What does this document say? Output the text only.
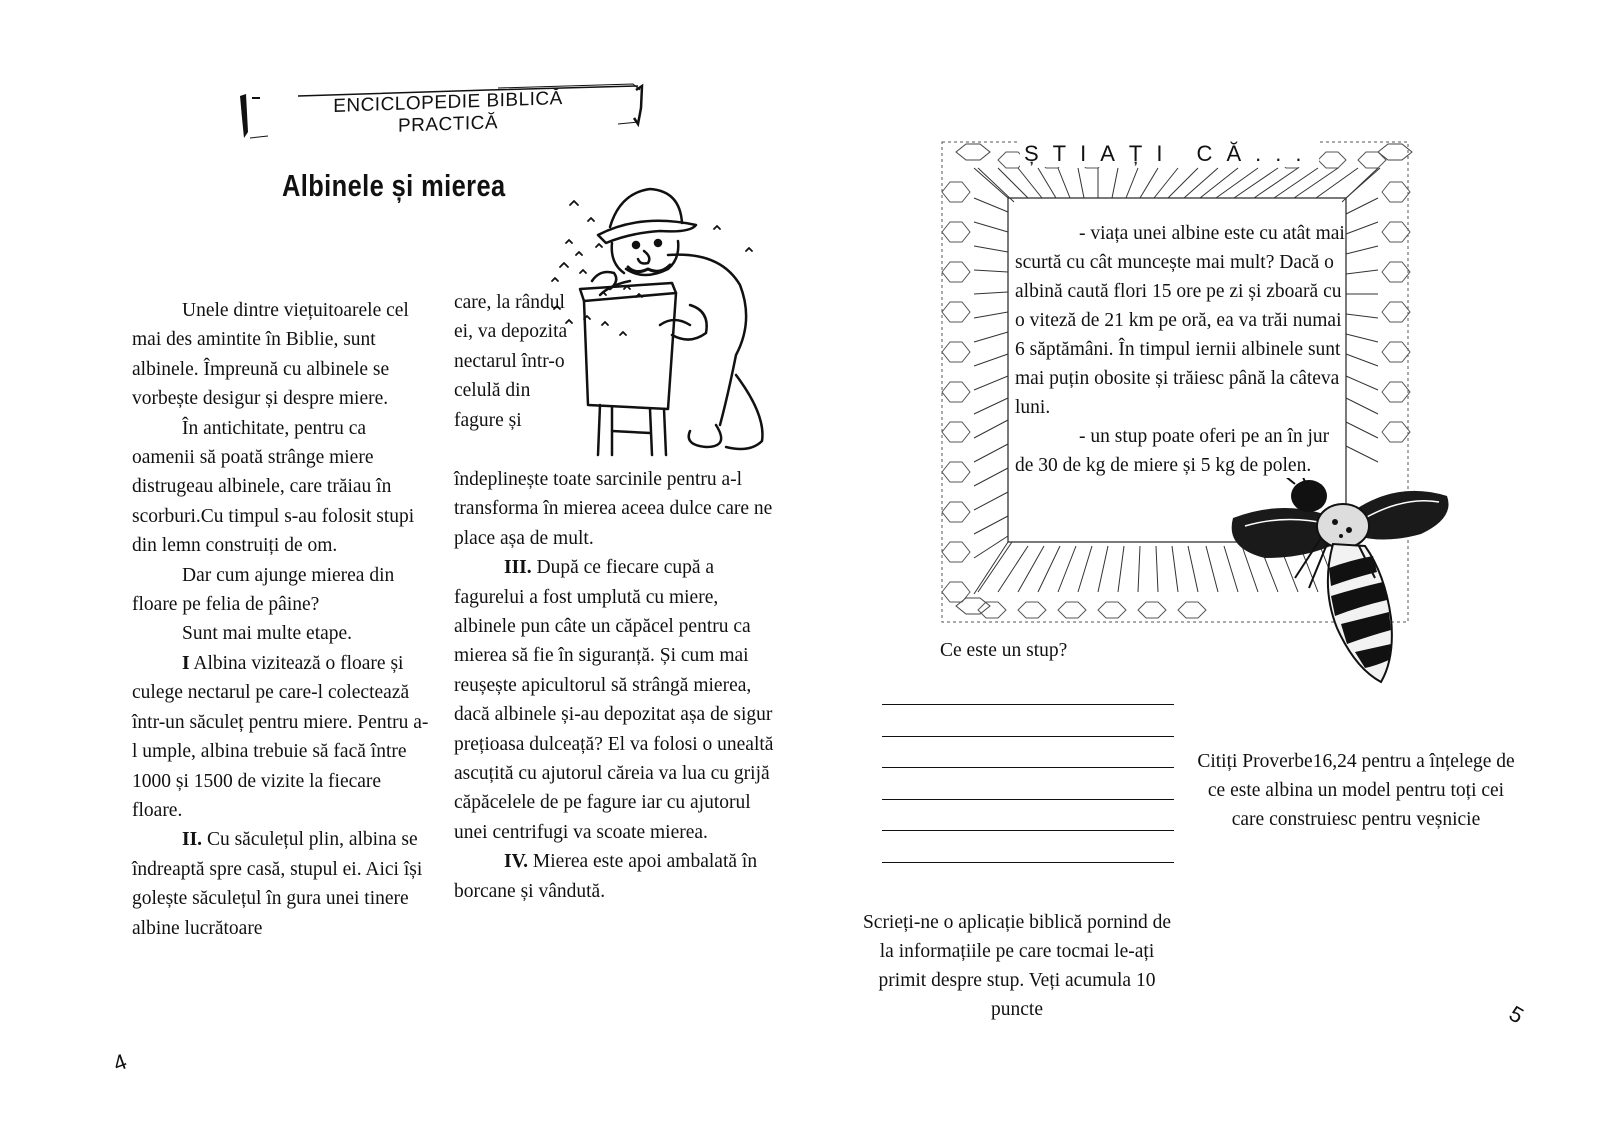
ENCICLOPEDIE BIBLICĂ
PRACTICĂ
Albinele și mierea

Unele dintre viețuitoarele cel mai des amintite în Biblie, sunt albinele. Împreună cu albinele se vorbește desigur și despre miere.

În antichitate, pentru ca oamenii să poată strânge miere distrugeau albinele, care trăiau în scorburi.Cu timpul s-au folosit stupi din lemn construiți de om.

Dar cum ajunge mierea din floare pe felia de pâine?

Sunt mai multe etape.

I Albina vizitează o floare și culege nectarul pe care-l colectează într-un săculeț pentru miere. Pentru a-l umple, albina trebuie să facă între 1000 și 1500 de vizite la fiecare floare.

II. Cu săculețul plin, albina se îndreaptă spre casă, stupul ei. Aici își golește săculețul în gura unei tinere albine lucrătoare

care, la rândul ei, va depozita nectarul într-o celulă din fagure și

îndeplinește toate sarcinile pentru a-l transforma în mierea aceea dulce care ne place așa de mult.

III. După ce fiecare cupă a fagurelui a fost umplută cu miere, albinele pun câte un căpăcel pentru ca mierea să fie în siguranță. Și cum mai reușește apicultorul să strângă mierea, dacă albinele și-au depozitat așa de sigur prețioasa dulceață? El va folosi o unealtă ascuțită cu ajutorul căreia va lua cu grijă căpăcelele de pe fagure iar cu ajutorul unei centrifugi va scoate mierea.

IV. Mierea este apoi ambalată în borcane și vândută.

4
ȘTIAȚI CĂ...

- viața unei albine este cu atât mai scurtă cu cât muncește mai mult? Dacă o albină caută flori 15 ore pe zi și zboară cu o viteză de 21 km pe oră, ea va trăi numai 6 săptămâni. În timpul iernii albinele sunt mai puțin obosite și trăiesc până la câteva luni.

- un stup poate oferi pe an în jur de 30 de kg de miere și 5 kg de polen.

Ce este un stup?
Citiți Proverbe16,24 pentru a înțelege de ce este albina un model pentru toți cei care construiesc pentru veșnicie
Scrieți-ne o aplicație biblică pornind de la informațiile pe care tocmai le-ați primit despre stup. Veți acumula 10 puncte	5
